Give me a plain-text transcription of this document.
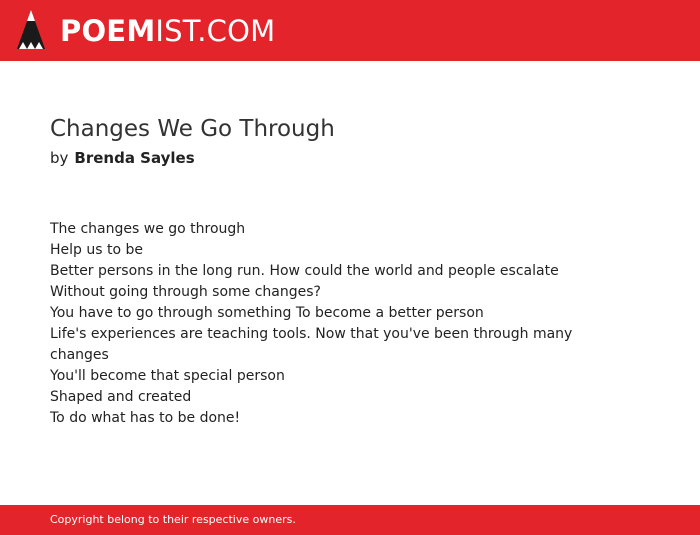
POEMIST.COM
Changes We Go Through
by Brenda Sayles
The changes we go through
Help us to be
Better persons in the long run. How could the world and people escalate
Without going through some changes?
You have to go through something To become a better person
Life's experiences are teaching tools. Now that you've been through many changes
You'll become that special person
Shaped and created
To do what has to be done!
Copyright belong to their respective owners.
